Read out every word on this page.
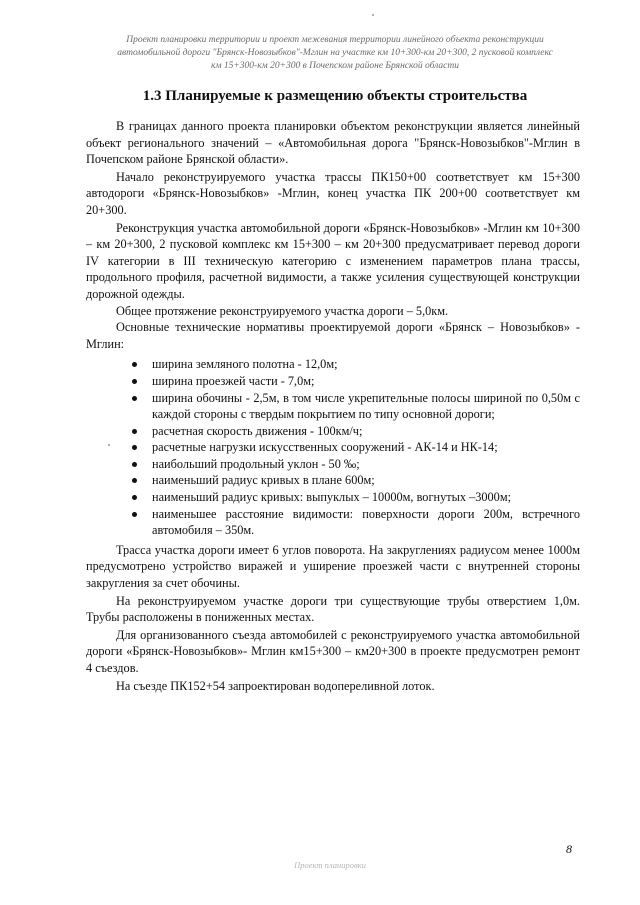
Проект планировки территории и проект межевания территории линейного объекта реконструкции
автомобильной дороги "Брянск-Новозыбков"-Мглин на участке км 10+300-км 20+300, 2 пусковой комплекс
км 15+300-км 20+300 в Почепском районе Брянской области
1.3 Планируемые к размещению объекты строительства

В границах данного проекта планировки объектом реконструкции является линейный объект регионального значений – «Автомобильная дорога "Брянск-Новозыбков"-Мглин в Почепском районе Брянской области».

Начало реконструируемого участка трассы ПК150+00 соответствует км 15+300 автодороги «Брянск-Новозыбков» -Мглин, конец участка ПК 200+00 соответствует км 20+300.

Реконструкция участка автомобильной дороги «Брянск-Новозыбков» -Мглин км 10+300 – км 20+300, 2 пусковой комплекс км 15+300 – км 20+300 предусматривает перевод дороги IV категории в III техническую категорию с изменением параметров плана трассы, продольного профиля, расчетной видимости, а также усиления существующей конструкции дорожной одежды.

Общее протяжение реконструируемого участка дороги – 5,0км.

Основные технические нормативы проектируемой дороги «Брянск – Новозыбков» - Мглин:

ширина земляного полотна - 12,0м;
ширина проезжей части - 7,0м;
ширина обочины - 2,5м, в том числе укрепительные полосы шириной по 0,50м с каждой стороны с твердым покрытием по типу основной дороги;
расчетная скорость движения - 100км/ч;
расчетные нагрузки искусственных сооружений - АК-14 и НК-14;
наибольший продольный уклон - 50 ‰;
наименьший радиус кривых в плане 600м;
наименьший радиус кривых: выпуклых – 10000м, вогнутых –3000м;
наименьшее расстояние видимости: поверхности дороги 200м, встречного автомобиля – 350м.

Трасса участка дороги имеет 6 углов поворота. На закруглениях радиусом менее 1000м предусмотрено устройство виражей и уширение проезжей части с внутренней стороны закругления за счет обочины.

На реконструируемом участке дороги три существующие трубы отверстием 1,0м. Трубы расположены в пониженных местах.

Для организованного съезда автомобилей с реконструируемого участка автомобильной дороги «Брянск-Новозыбков»- Мглин км15+300 – км20+300 в проекте предусмотрен ремонт 4 съездов.

На съезде ПК152+54 запроектирован водопереливной лоток.

8
Проект планировки
